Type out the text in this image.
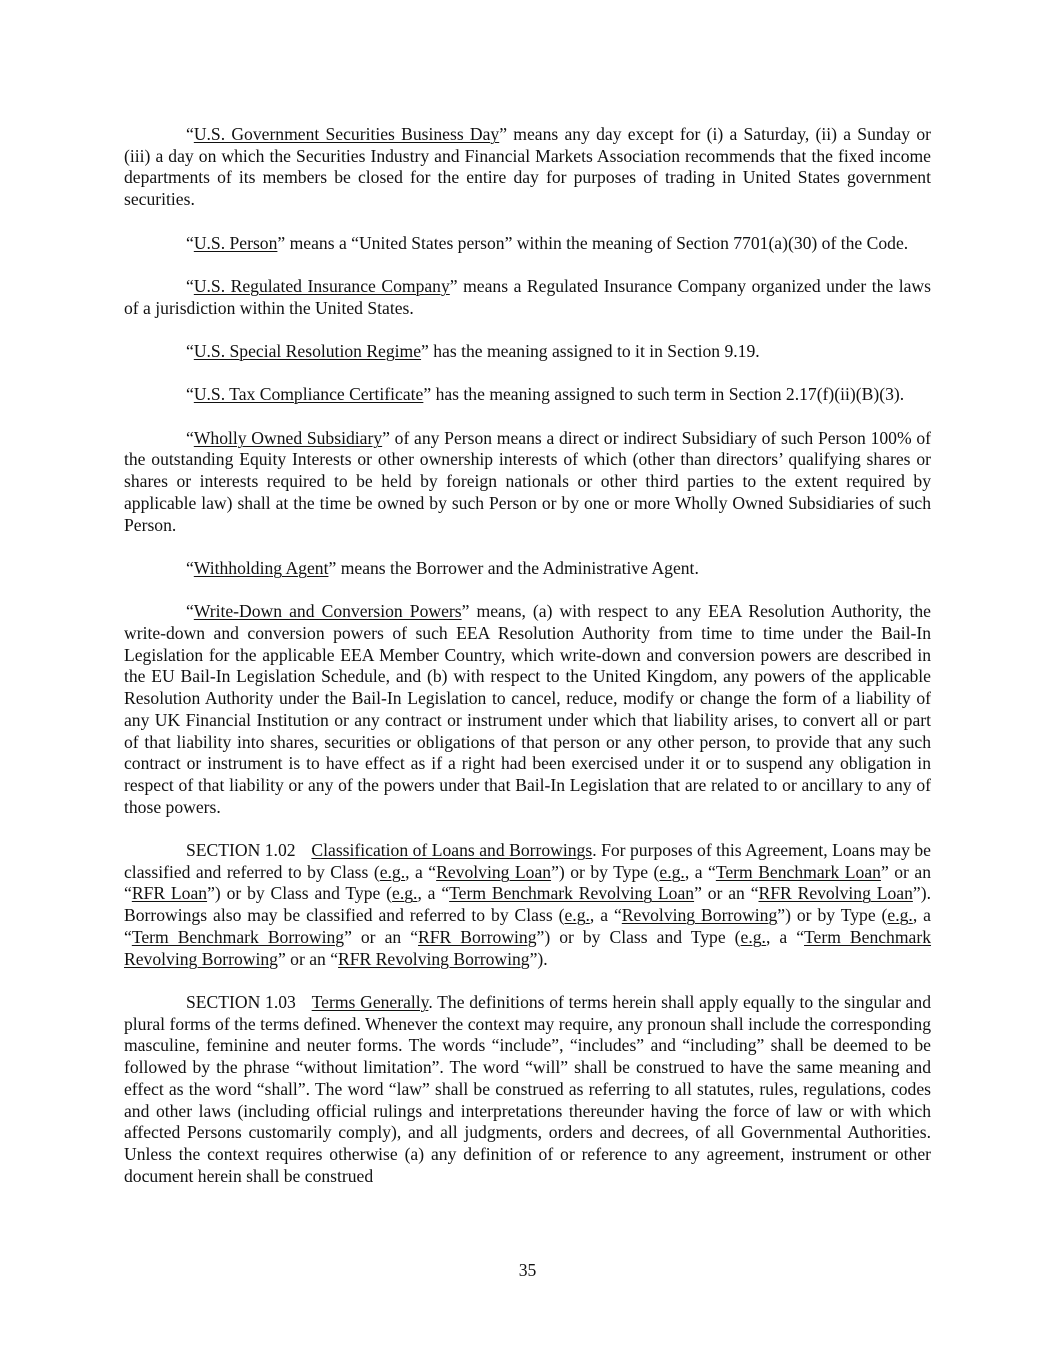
“U.S. Government Securities Business Day” means any day except for (i) a Saturday, (ii) a Sunday or (iii) a day on which the Securities Industry and Financial Markets Association recommends that the fixed income departments of its members be closed for the entire day for purposes of trading in United States government securities.

“U.S. Person” means a “United States person” within the meaning of Section 7701(a)(30) of the Code.

“U.S. Regulated Insurance Company” means a Regulated Insurance Company organized under the laws of a jurisdiction within the United States.

“U.S. Special Resolution Regime” has the meaning assigned to it in Section 9.19.

“U.S. Tax Compliance Certificate” has the meaning assigned to such term in Section 2.17(f)(ii)(B)(3).

“Wholly Owned Subsidiary” of any Person means a direct or indirect Subsidiary of such Person 100% of the outstanding Equity Interests or other ownership interests of which (other than directors’ qualifying shares or shares or interests required to be held by foreign nationals or other third parties to the extent required by applicable law) shall at the time be owned by such Person or by one or more Wholly Owned Subsidiaries of such Person.

“Withholding Agent” means the Borrower and the Administrative Agent.

“Write-Down and Conversion Powers” means, (a) with respect to any EEA Resolution Authority, the write-down and conversion powers of such EEA Resolution Authority from time to time under the Bail-In Legislation for the applicable EEA Member Country, which write-down and conversion powers are described in the EU Bail-In Legislation Schedule, and (b) with respect to the United Kingdom, any powers of the applicable Resolution Authority under the Bail-In Legislation to cancel, reduce, modify or change the form of a liability of any UK Financial Institution or any contract or instrument under which that liability arises, to convert all or part of that liability into shares, securities or obligations of that person or any other person, to provide that any such contract or instrument is to have effect as if a right had been exercised under it or to suspend any obligation in respect of that liability or any of the powers under that Bail-In Legislation that are related to or ancillary to any of those powers.

SECTION 1.02 Classification of Loans and Borrowings. For purposes of this Agreement, Loans may be classified and referred to by Class (e.g., a “Revolving Loan”) or by Type (e.g., a “Term Benchmark Loan” or an “RFR Loan”) or by Class and Type (e.g., a “Term Benchmark Revolving Loan” or an “RFR Revolving Loan”). Borrowings also may be classified and referred to by Class (e.g., a “Revolving Borrowing”) or by Type (e.g., a “Term Benchmark Borrowing” or an “RFR Borrowing”) or by Class and Type (e.g., a “Term Benchmark Revolving Borrowing” or an “RFR Revolving Borrowing”).

SECTION 1.03 Terms Generally. The definitions of terms herein shall apply equally to the singular and plural forms of the terms defined. Whenever the context may require, any pronoun shall include the corresponding masculine, feminine and neuter forms. The words “include”, “includes” and “including” shall be deemed to be followed by the phrase “without limitation”. The word “will” shall be construed to have the same meaning and effect as the word “shall”. The word “law” shall be construed as referring to all statutes, rules, regulations, codes and other laws (including official rulings and interpretations thereunder having the force of law or with which affected Persons customarily comply), and all judgments, orders and decrees, of all Governmental Authorities. Unless the context requires otherwise (a) any definition of or reference to any agreement, instrument or other document herein shall be construed

35
